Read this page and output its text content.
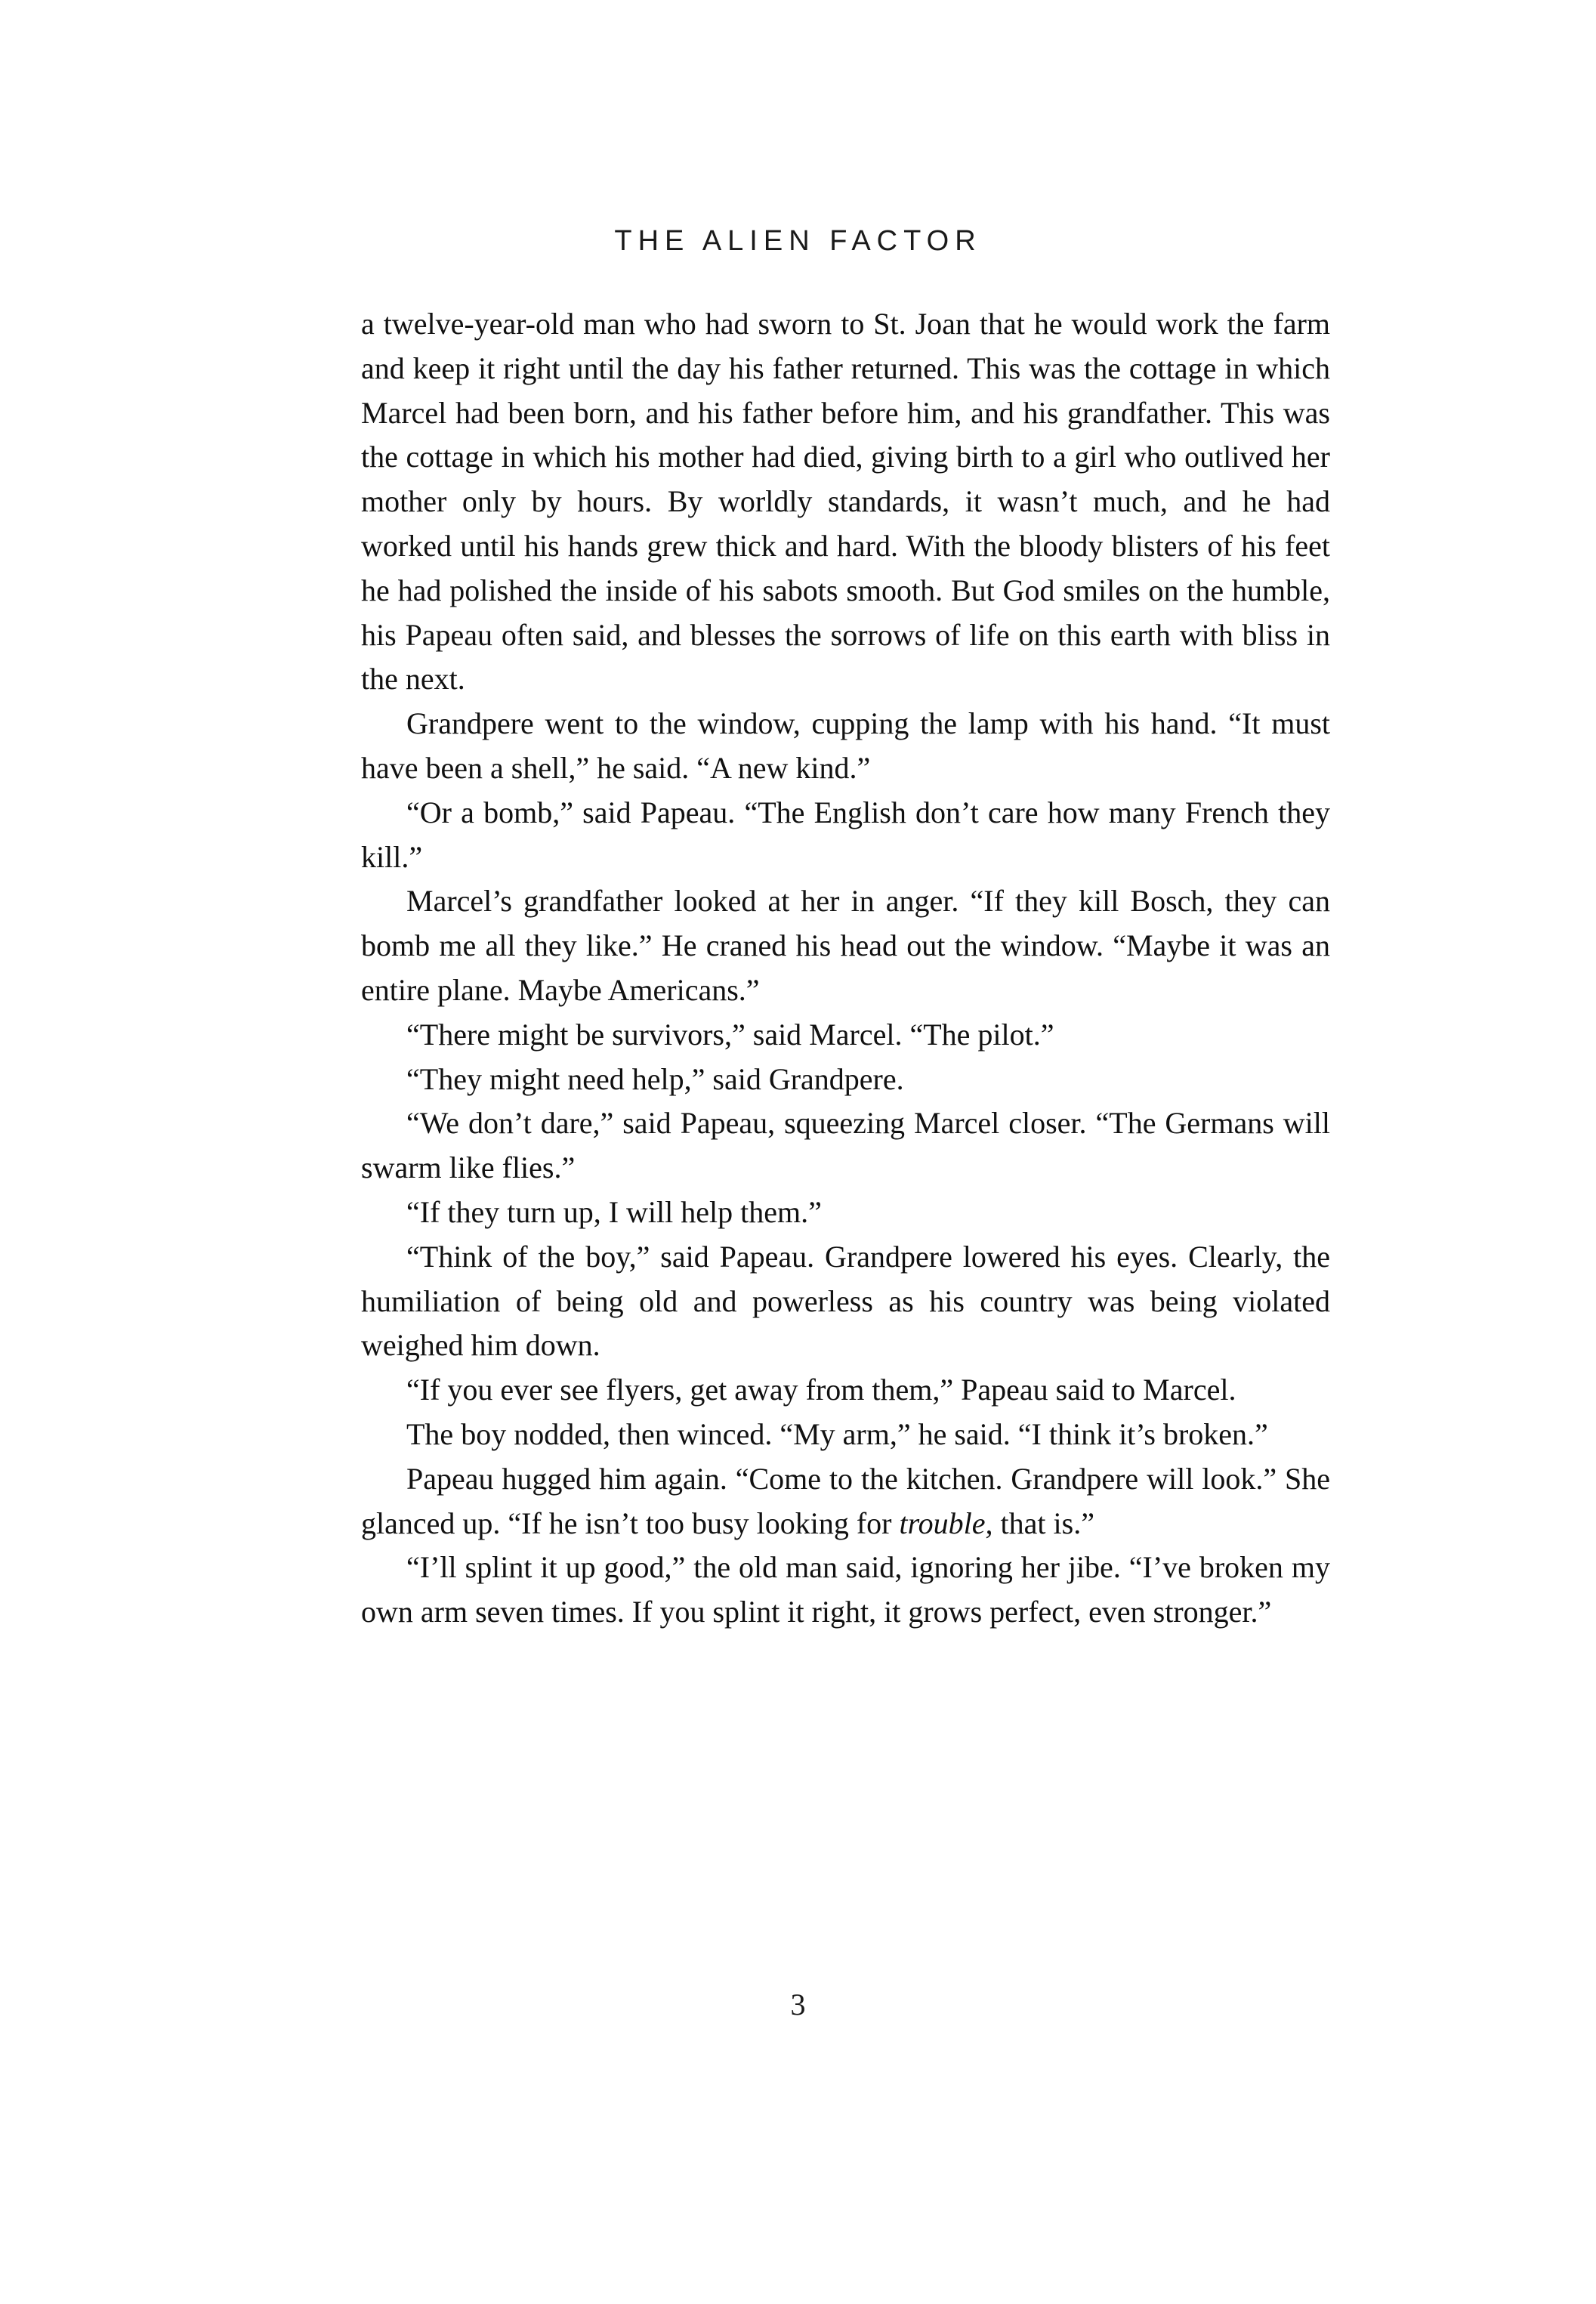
THE ALIEN FACTOR

a twelve-year-old man who had sworn to St. Joan that he would work the farm and keep it right until the day his father returned. This was the cottage in which Marcel had been born, and his father before him, and his grandfather. This was the cottage in which his mother had died, giving birth to a girl who outlived her mother only by hours. By worldly standards, it wasn’t much, and he had worked until his hands grew thick and hard. With the bloody blisters of his feet he had polished the inside of his sabots smooth. But God smiles on the humble, his Papeau often said, and blesses the sorrows of life on this earth with bliss in the next.

Grandpere went to the window, cupping the lamp with his hand. “It must have been a shell,” he said. “A new kind.”

“Or a bomb,” said Papeau. “The English don’t care how many French they kill.”

Marcel’s grandfather looked at her in anger. “If they kill Bosch, they can bomb me all they like.” He craned his head out the window. “Maybe it was an entire plane. Maybe Americans.”

“There might be survivors,” said Marcel. “The pilot.”

“They might need help,” said Grandpere.

“We don’t dare,” said Papeau, squeezing Marcel closer. “The Germans will swarm like flies.”

“If they turn up, I will help them.”

“Think of the boy,” said Papeau. Grandpere lowered his eyes. Clearly, the humiliation of being old and powerless as his country was being violated weighed him down.

“If you ever see flyers, get away from them,” Papeau said to Marcel.

The boy nodded, then winced. “My arm,” he said. “I think it’s broken.”

Papeau hugged him again. “Come to the kitchen. Grandpere will look.” She glanced up. “If he isn’t too busy looking for trouble, that is.”

“I’ll splint it up good,” the old man said, ignoring her jibe. “I’ve broken my own arm seven times. If you splint it right, it grows perfect, even stronger.”

3
